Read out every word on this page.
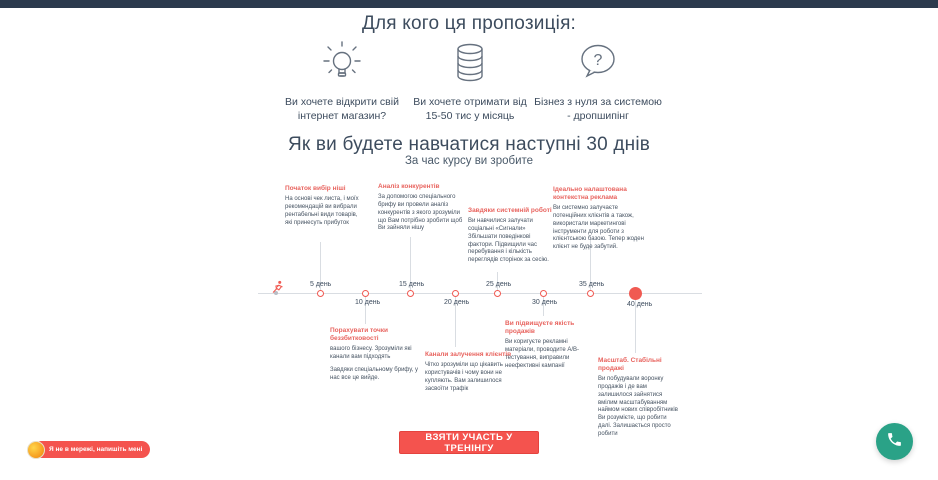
Для кого ця пропозиція:
Ви хочете відкрити свій інтернет магазин?
Ви хочете отримати від 15-50 тис у місяць
?
Бізнез з нуля за системою - дропшипінг
Як ви будете навчатися наступні 30 днів
За час курсу ви зробите
5 день
10 день
15 день
20 день
25 день
30 день
35 день
40 день
Початок вибір ніші
На основі чек листа, і моїх рекомендацій ви вибрали рентабельні види товарів, які принесуть прибуток
Аналіз конкурентів
За допомогою спеціального брифу ви провели аналіз конкурентів з якого зрозуміли що Вам потрібно зробити щоб Ви зайняли нішу
Завдяки системній роботі
Ви навчилися залучати соціальні «Сигнали» Збільшати поведінкові фактори. Підвищили час перебування і кількість переглядів сторінок за сесію.
Ідеально налаштована контекстна реклама
Ви системно залучаєте потенційних клієнтів а також, використали маркетингові інструменти для роботи з клієнтською базою. Тепер жоден клієнт не буде забутий.
Порахувати точки беззбитковості
вашого бізнесу. Зрозуміли які канали вам підходять
Завдяки спеціальному брифу, у нас все це вийде.
Канали залучення клієнтів
Чітко зрозуміли що цікавить користувачів і чому вони не купляють. Вам залишилося засвоїти трафік
Ви підвищуєте якість продажів
Ви коригуєте рекламні матеріали, проводите А/В-тестування, виправили неефективні кампанії
Масштаб. Стабільні продажі
Ви побудували воронку продажів і де вам залишилося зайнятися вмілим масштабуванням наймом нових співробітників Ви розумієте, що робити далі. Залишається просто робити
ВЗЯТИ УЧАСТЬ У ТРЕНІНГУ
Я не в мережі, напишіть мені
